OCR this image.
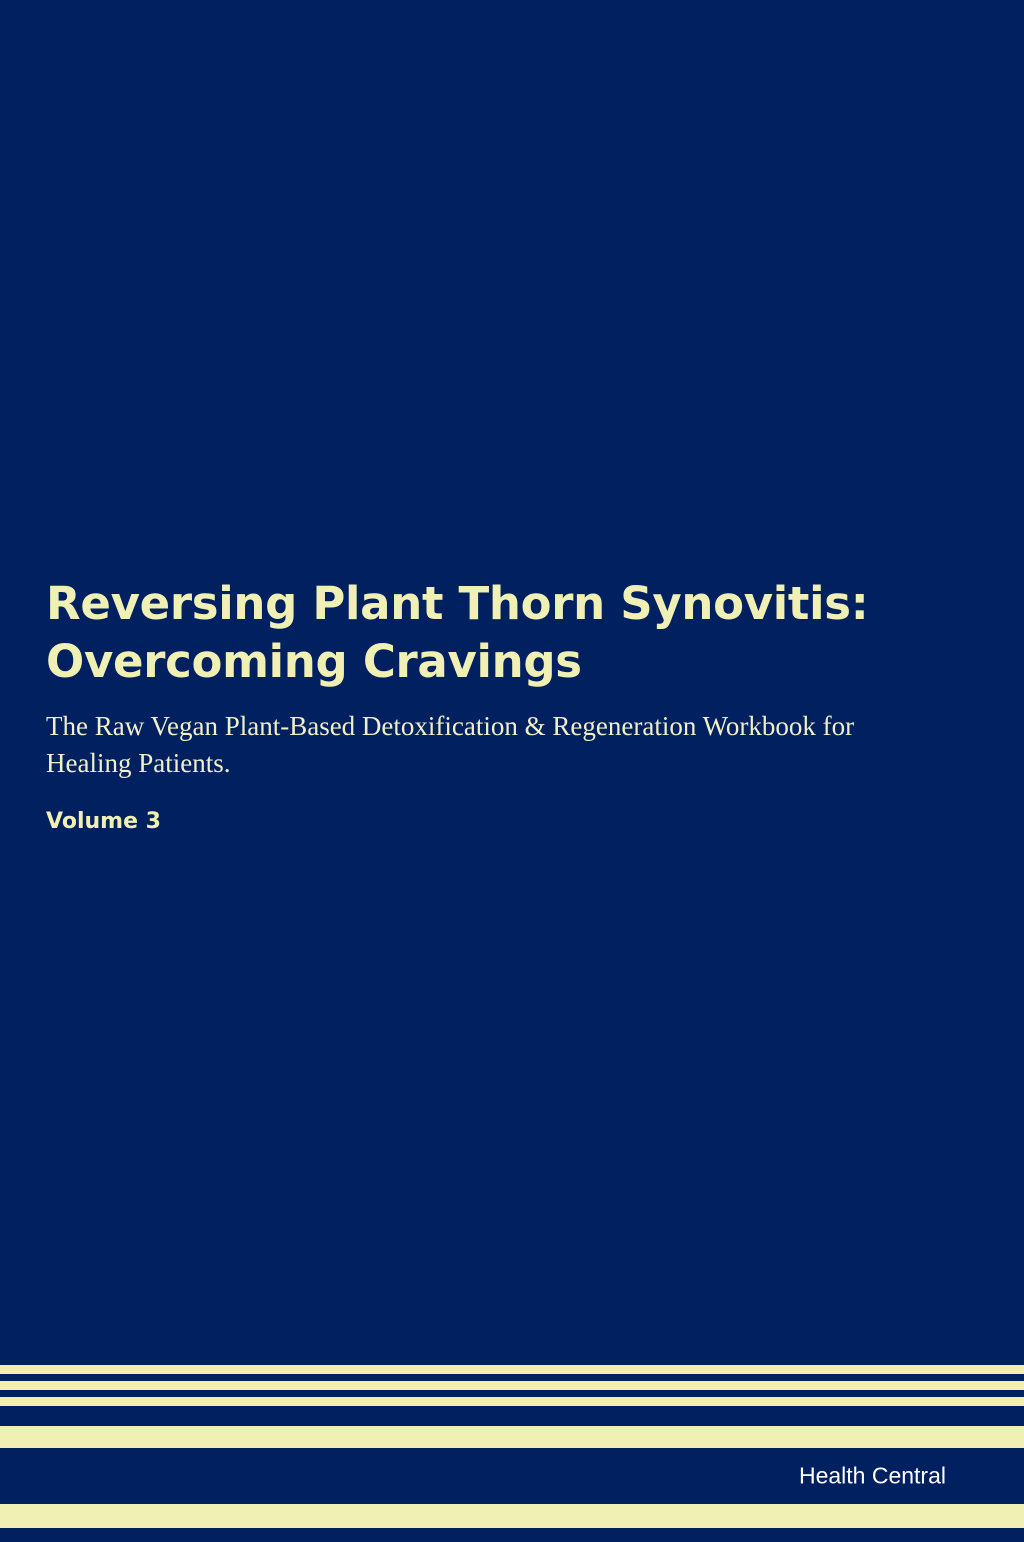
Reversing Plant Thorn Synovitis: Overcoming Cravings

The Raw Vegan Plant-Based Detoxification & Regeneration Workbook for Healing Patients.

Volume 3

Health Central
